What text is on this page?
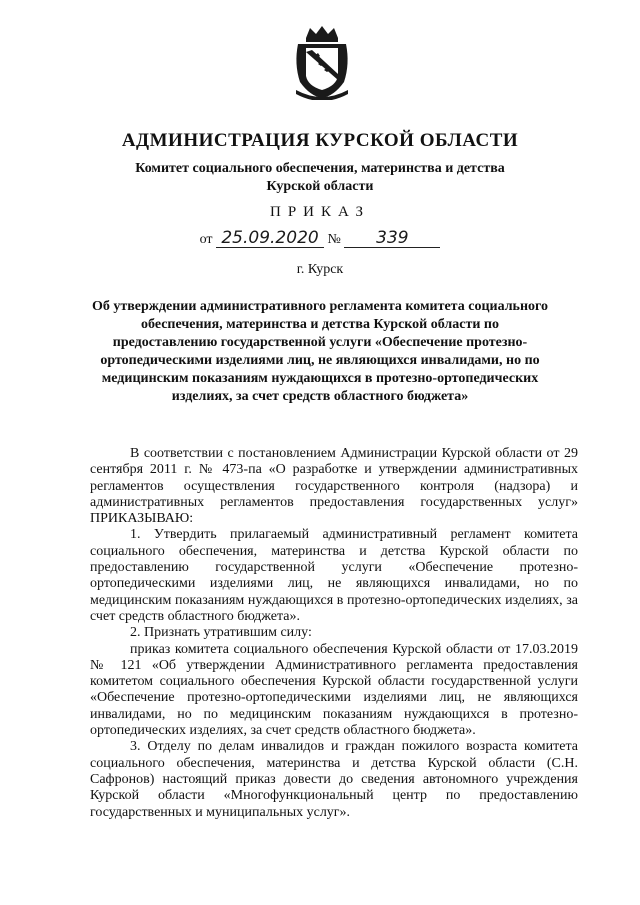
АДМИНИСТРАЦИЯ КУРСКОЙ ОБЛАСТИ
Комитет социального обеспечения, материнства и детства
Курской области
ПРИКАЗ
от 25.09.2020 № 339
г. Курск
Об утверждении административного регламента комитета социального обеспечения, материнства и детства Курской области по предоставлению государственной услуги «Обеспечение протезно-ортопедическими изделиями лиц, не являющихся инвалидами, но по медицинским показаниям нуждающихся в протезно-ортопедических изделиях, за счет средств областного бюджета»

В соответствии с постановлением Администрации Курской области от 29 сентября 2011 г. № 473-па «О разработке и утверждении административных регламентов осуществления государственного контроля (надзора) и административных регламентов предоставления государственных услуг» ПРИКАЗЫВАЮ:

1. Утвердить прилагаемый административный регламент комитета социального обеспечения, материнства и детства Курской области по предоставлению государственной услуги «Обеспечение протезно-ортопедическими изделиями лиц, не являющихся инвалидами, но по медицинским показаниям нуждающихся в протезно-ортопедических изделиях, за счет средств областного бюджета».

2. Признать утратившим силу:

приказ комитета социального обеспечения Курской области от 17.03.2019 № 121 «Об утверждении Административного регламента предоставления комитетом социального обеспечения Курской области государственной услуги «Обеспечение протезно-ортопедическими изделиями лиц, не являющихся инвалидами, но по медицинским показаниям нуждающихся в протезно-ортопедических изделиях, за счет средств областного бюджета».

3. Отделу по делам инвалидов и граждан пожилого возраста комитета социального обеспечения, материнства и детства Курской области (С.Н. Сафронов) настоящий приказ довести до сведения автономного учреждения Курской области «Многофункциональный центр по предоставлению государственных и муниципальных услуг».
